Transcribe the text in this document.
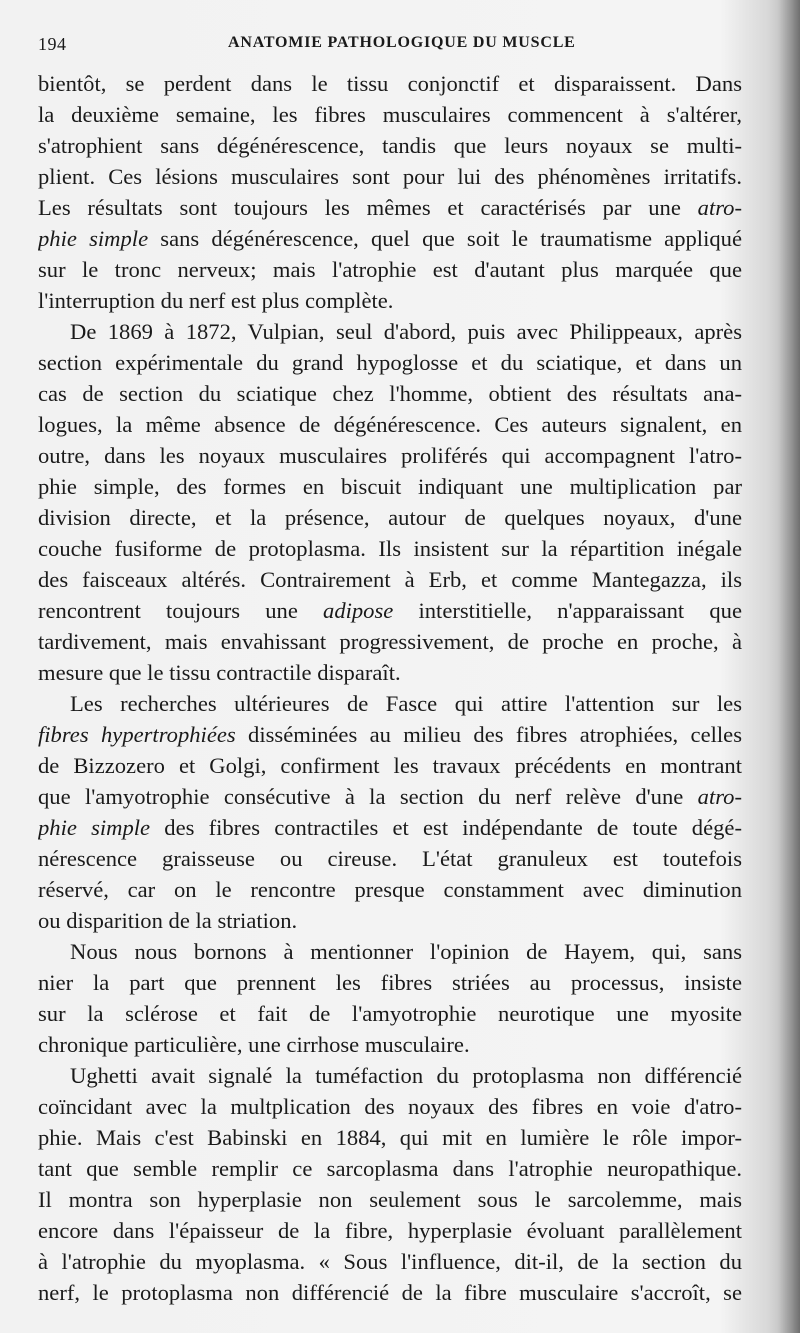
194	ANATOMIE PATHOLOGIQUE DU MUSCLE
bientôt, se perdent dans le tissu conjonctif et disparaissent. Dans
la deuxième semaine, les fibres musculaires commencent à s'altérer,
s'atrophient sans dégénérescence, tandis que leurs noyaux se multi-
plient. Ces lésions musculaires sont pour lui des phénomènes irritatifs.
Les résultats sont toujours les mêmes et caractérisés par une atro-
phie simple sans dégénérescence, quel que soit le traumatisme appliqué
sur le tronc nerveux; mais l'atrophie est d'autant plus marquée que
l'interruption du nerf est plus complète.
De 1869 à 1872, Vulpian, seul d'abord, puis avec Philippeaux, après
section expérimentale du grand hypoglosse et du sciatique, et dans un
cas de section du sciatique chez l'homme, obtient des résultats ana-
logues, la même absence de dégénérescence. Ces auteurs signalent, en
outre, dans les noyaux musculaires proliférés qui accompagnent l'atro-
phie simple, des formes en biscuit indiquant une multiplication par
division directe, et la présence, autour de quelques noyaux, d'une
couche fusiforme de protoplasma. Ils insistent sur la répartition inégale
des faisceaux altérés. Contrairement à Erb, et comme Mantegazza, ils
rencontrent toujours une adipose interstitielle, n'apparaissant que
tardivement, mais envahissant progressivement, de proche en proche, à
mesure que le tissu contractile disparaît.
Les recherches ultérieures de Fasce qui attire l'attention sur les
fibres hypertrophiées disséminées au milieu des fibres atrophiées, celles
de Bizzozero et Golgi, confirment les travaux précédents en montrant
que l'amyotrophie consécutive à la section du nerf relève d'une atro-
phie simple des fibres contractiles et est indépendante de toute dégé-
nérescence graisseuse ou cireuse. L'état granuleux est toutefois
réservé, car on le rencontre presque constamment avec diminution
ou disparition de la striation.
Nous nous bornons à mentionner l'opinion de Hayem, qui, sans
nier la part que prennent les fibres striées au processus, insiste
sur la sclérose et fait de l'amyotrophie neurotique une myosite
chronique particulière, une cirrhose musculaire.
Ughetti avait signalé la tuméfaction du protoplasma non différencié
coïncidant avec la multplication des noyaux des fibres en voie d'atro-
phie. Mais c'est Babinski en 1884, qui mit en lumière le rôle impor-
tant que semble remplir ce sarcoplasma dans l'atrophie neuropathique.
Il montra son hyperplasie non seulement sous le sarcolemme, mais
encore dans l'épaisseur de la fibre, hyperplasie évoluant parallèlement
à l'atrophie du myoplasma. « Sous l'influence, dit-il, de la section du
nerf, le protoplasma non différencié de la fibre musculaire s'accroît, se
